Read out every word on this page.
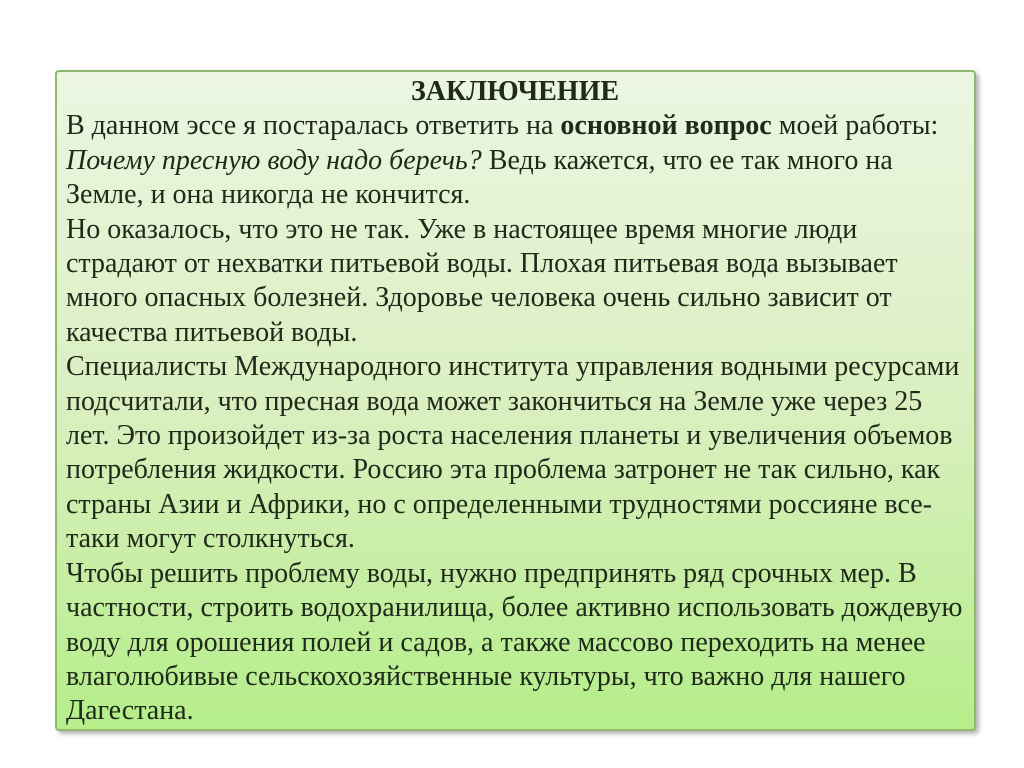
ЗАКЛЮЧЕНИЕ

В данном эссе я постаралась ответить на основной вопрос моей работы: Почему пресную воду надо беречь? Ведь кажется, что ее так много на Земле, и она никогда не кончится.

Но оказалось, что это не так. Уже в настоящее время многие люди страдают от нехватки питьевой воды. Плохая питьевая вода вызывает много опасных болезней. Здоровье человека очень сильно зависит от качества питьевой воды.

Специалисты Международного института управления водными ресурсами подсчитали, что пресная вода может закончиться на Земле уже через 25 лет. Это произойдет из-за роста населения планеты и увеличения объемов потребления жидкости. Россию эта проблема затронет не так сильно, как страны Азии и Африки, но с определенными трудностями россияне все-таки могут столкнуться.

Чтобы решить проблему воды, нужно предпринять ряд срочных мер. В частности, строить водохранилища, более активно использовать дождевую воду для орошения полей и садов, а также массово переходить на менее влаголюбивые сельскохозяйственные культуры, что важно для нашего Дагестана.
